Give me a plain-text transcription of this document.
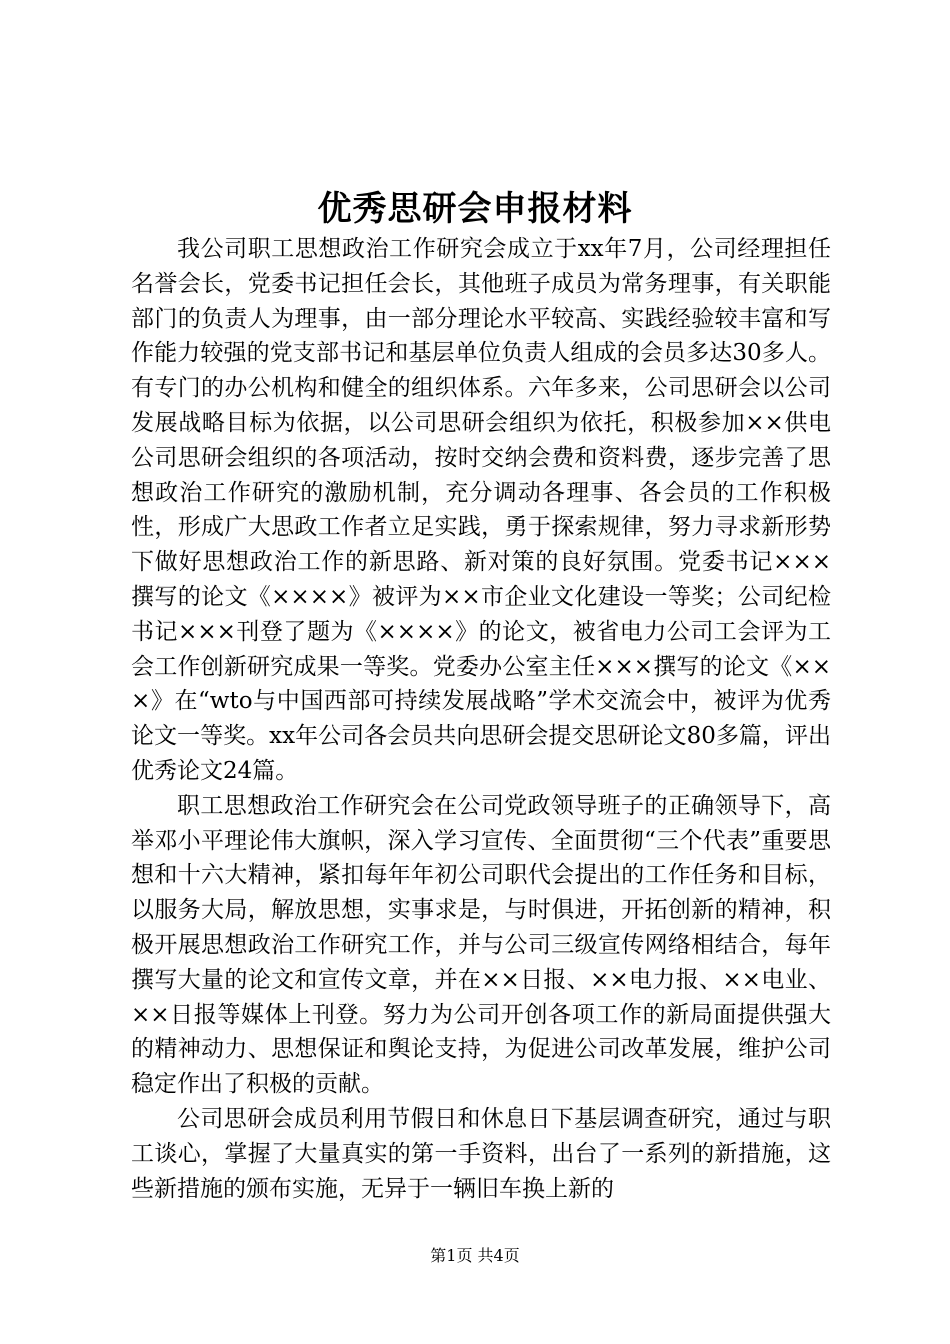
优秀思研会申报材料

我公司职工思想政治工作研究会成立于xx年7月，公司经理担任名誉会长，党委书记担任会长，其他班子成员为常务理事，有关职能部门的负责人为理事，由一部分理论水平较高、实践经验较丰富和写作能力较强的党支部书记和基层单位负责人组成的会员多达30多人。有专门的办公机构和健全的组织体系。六年多来，公司思研会以公司发展战略目标为依据，以公司思研会组织为依托，积极参加××供电公司思研会组织的各项活动，按时交纳会费和资料费，逐步完善了思想政治工作研究的激励机制，充分调动各理事、各会员的工作积极性，形成广大思政工作者立足实践，勇于探索规律，努力寻求新形势下做好思想政治工作的新思路、新对策的良好氛围。党委书记×××撰写的论文《××××》被评为××市企业文化建设一等奖；公司纪检书记×××刊登了题为《××××》的论文，被省电力公司工会评为工会工作创新研究成果一等奖。党委办公室主任×××撰写的论文《×××》在“wto与中国西部可持续发展战略”学术交流会中，被评为优秀论文一等奖。xx年公司各会员共向思研会提交思研论文80多篇，评出优秀论文24篇。

职工思想政治工作研究会在公司党政领导班子的正确领导下，高举邓小平理论伟大旗帜，深入学习宣传、全面贯彻“三个代表”重要思想和十六大精神，紧扣每年年初公司职代会提出的工作任务和目标，以服务大局，解放思想，实事求是，与时俱进，开拓创新的精神，积极开展思想政治工作研究工作，并与公司三级宣传网络相结合，每年撰写大量的论文和宣传文章，并在××日报、××电力报、××电业、××日报等媒体上刊登。努力为公司开创各项工作的新局面提供强大的精神动力、思想保证和舆论支持，为促进公司改革发展，维护公司稳定作出了积极的贡献。

公司思研会成员利用节假日和休息日下基层调查研究，通过与职工谈心，掌握了大量真实的第一手资料，出台了一系列的新措施，这些新措施的颁布实施，无异于一辆旧车换上新的

第1页 共4页
